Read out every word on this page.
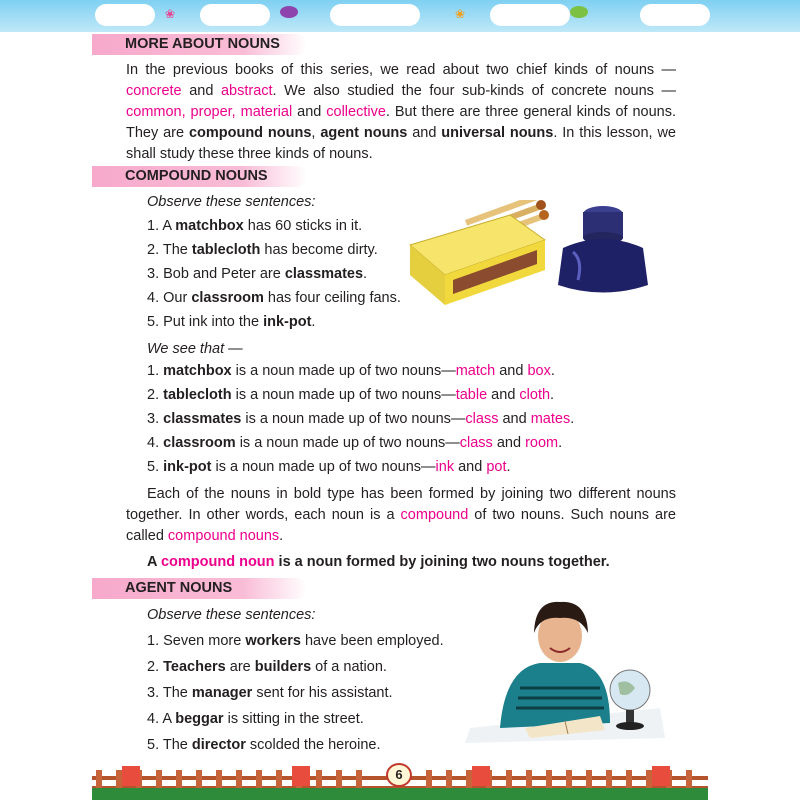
❀	❀
MORE ABOUT NOUNS

In the previous books of this series, we read about two chief kinds of nouns — concrete and abstract. We also studied the four sub-kinds of concrete nouns — common, proper, material and collective. But there are three general kinds of nouns. They are compound nouns, agent nouns and universal nouns. In this lesson, we shall study these three kinds of nouns.

COMPOUND NOUNS
Observe these sentences:
1. A matchbox has 60 sticks in it.
2. The tablecloth has become dirty.
3. Bob and Peter are classmates.
4. Our classroom has four ceiling fans.
5. Put ink into the ink-pot.
We see that —
1. matchbox is a noun made up of two nouns—match and box.
2. tablecloth is a noun made up of two nouns—table and cloth.
3. classmates is a noun made up of two nouns—class and mates.
4. classroom is a noun made up of two nouns—class and room.
5. ink-pot is a noun made up of two nouns—ink and pot.

Each of the nouns in bold type has been formed by joining two different nouns together. In other words, each noun is a compound of two nouns. Such nouns are called compound nouns.

A compound noun is a noun formed by joining two nouns together.
AGENT NOUNS
Observe these sentences:
1. Seven more workers have been employed.
2. Teachers are builders of a nation.
3. The manager sent for his assistant.
4. A beggar is sitting in the street.
5. The director scolded the heroine.
6
